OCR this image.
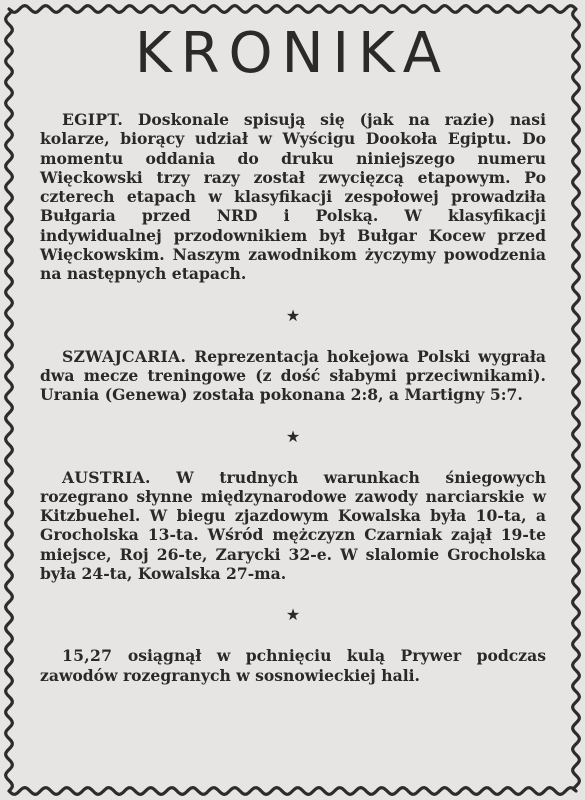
KRONIKA

EGIPT. Doskonale spisują się (jak na razie) nasi kolarze, biorący udział w Wyścigu Dookoła Egiptu. Do momentu oddania do druku niniejszego numeru Więckowski trzy razy został zwycięzcą etapowym. Po czterech etapach w klasyfikacji zespołowej prowadziła Bułgaria przed NRD i Polską. W klasyfikacji indywidualnej przodownikiem był Bułgar Kocew przed Więckowskim. Naszym zawodnikom życzymy powodzenia na następnych etapach.

★

SZWAJCARIA. Reprezentacja hokejowa Polski wygrała dwa mecze treningowe (z dość słabymi przeciwnikami). Urania (Genewa) została pokonana 2:8, a Martigny 5:7.

★

AUSTRIA. W trudnych warunkach śniegowych rozegrano słynne międzynarodowe zawody narciarskie w Kitzbuehel. W biegu zjazdowym Kowalska była 10-ta, a Grocholska 13-ta. Wśród mężczyzn Czarniak zajął 19-te miejsce, Roj 26-te, Zarycki 32-e. W slalomie Grocholska była 24-ta, Kowalska 27-ma.

★

15,27 osiągnął w pchnięciu kulą Prywer podczas zawodów rozegranych w sosnowieckiej hali.
